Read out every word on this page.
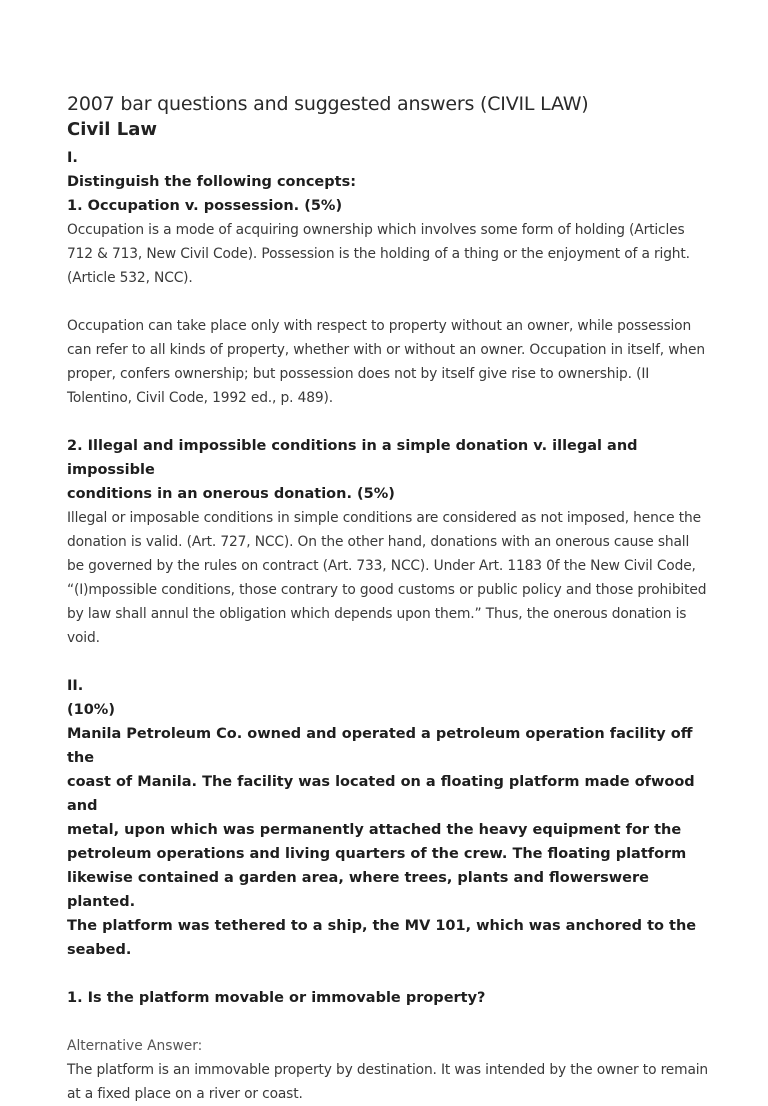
2007 bar questions and suggested answers (CIVIL LAW)

Civil Law

I.

Distinguish the following concepts:

1. Occupation v. possession. (5%)

Occupation is a mode of acquiring ownership which involves some form of holding (Articles

712 & 713, New Civil Code). Possession is the holding of a thing or the enjoyment of a right.

(Article 532, NCC).

Occupation can take place only with respect to property without an owner, while possession

can refer to all kinds of property, whether with or without an owner. Occupation in itself, when

proper, confers ownership; but possession does not by itself give rise to ownership. (II

Tolentino, Civil Code, 1992 ed., p. 489).

2. Illegal and impossible conditions in a simple donation v. illegal and impossible

conditions in an onerous donation. (5%)

Illegal or imposable conditions in simple conditions are considered as not imposed, hence the

donation is valid. (Art. 727, NCC). On the other hand, donations with an onerous cause shall

be governed by the rules on contract (Art. 733, NCC). Under Art. 1183 0f the New Civil Code,

“(I)mpossible conditions, those contrary to good customs or public policy and those prohibited

by law shall annul the obligation which depends upon them.” Thus, the onerous donation is

void.

II.

(10%)

Manila Petroleum Co. owned and operated a petroleum operation facility off the

coast of Manila. The facility was located on a floating platform made ofwood and

metal, upon which was permanently attached the heavy equipment for the

petroleum operations and living quarters of the crew. The floating platform

likewise contained a garden area, where trees, plants and flowerswere planted.

The platform was tethered to a ship, the MV 101, which was anchored to the

seabed.

1. Is the platform movable or immovable property?

Alternative Answer:

The platform is an immovable property by destination. It was intended by the owner to remain

at a fixed place on a river or coast.
